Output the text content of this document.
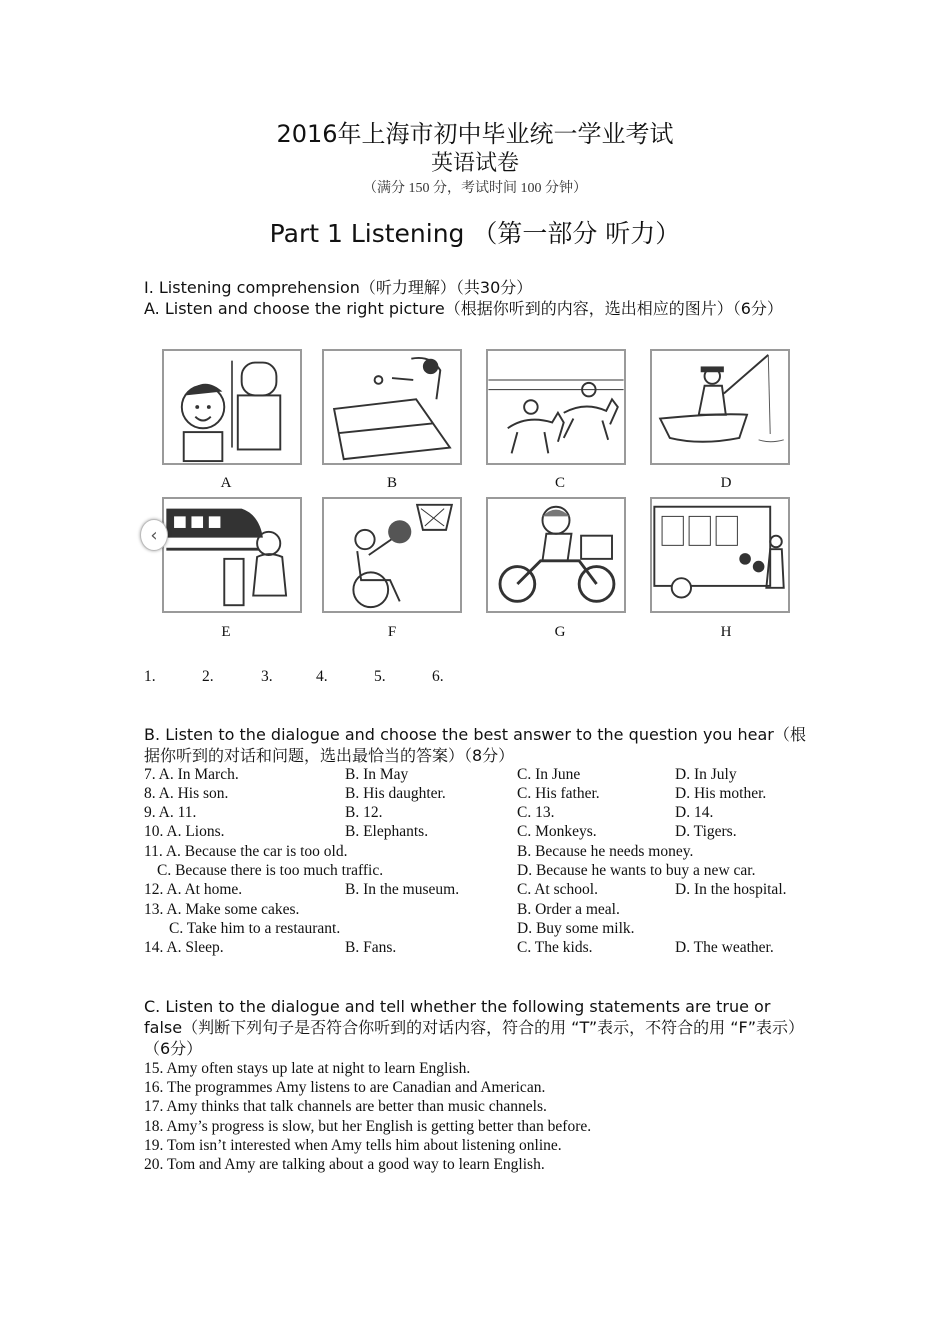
2016年上海市初中毕业统一学业考试
英语试卷
（满分 150 分，考试时间 100 分钟）
Part 1 Listening （第一部分 听力）
I. Listening comprehension（听力理解）（共30分）
A. Listen and choose the right picture（根据你听到的内容，选出相应的图片）（6分）
A	B	C	D
E	F	G	H
‹
1.	2.	3.	4.	5.	6.
B. Listen to the dialogue and choose the best answer to the question you hear（根据你听到的对话和问题，选出最恰当的答案）（8分）
7. A. In March.	B. In May	C. In June	D. In July
8. A. His son.	B. His daughter.	C. His father.	D. His mother.
9. A. 11.	B. 12.	C. 13.	D. 14.
10. A. Lions.	B. Elephants.	C. Monkeys.	D. Tigers.
11. A. Because the car is too old.	B. Because he needs money.
C. Because there is too much traffic.	D. Because he wants to buy a new car.
12. A. At home.	B. In the museum.	C. At school.	D. In the hospital.
13. A. Make some cakes.	B. Order a meal.
C. Take him to a restaurant.	D. Buy some milk.
14. A. Sleep.	B. Fans.	C. The kids.	D. The weather.
C. Listen to the dialogue and tell whether the following statements are true or false（判断下列句子是否符合你听到的对话内容，符合的用 “T”表示，不符合的用 “F”表示）（6分）
15. Amy often stays up late at night to learn English.
16. The programmes Amy listens to are Canadian and American.
17. Amy thinks that talk channels are better than music channels.
18. Amy’s progress is slow, but her English is getting better than before.
19. Tom isn’t interested when Amy tells him about listening online.
20. Tom and Amy are talking about a good way to learn English.
